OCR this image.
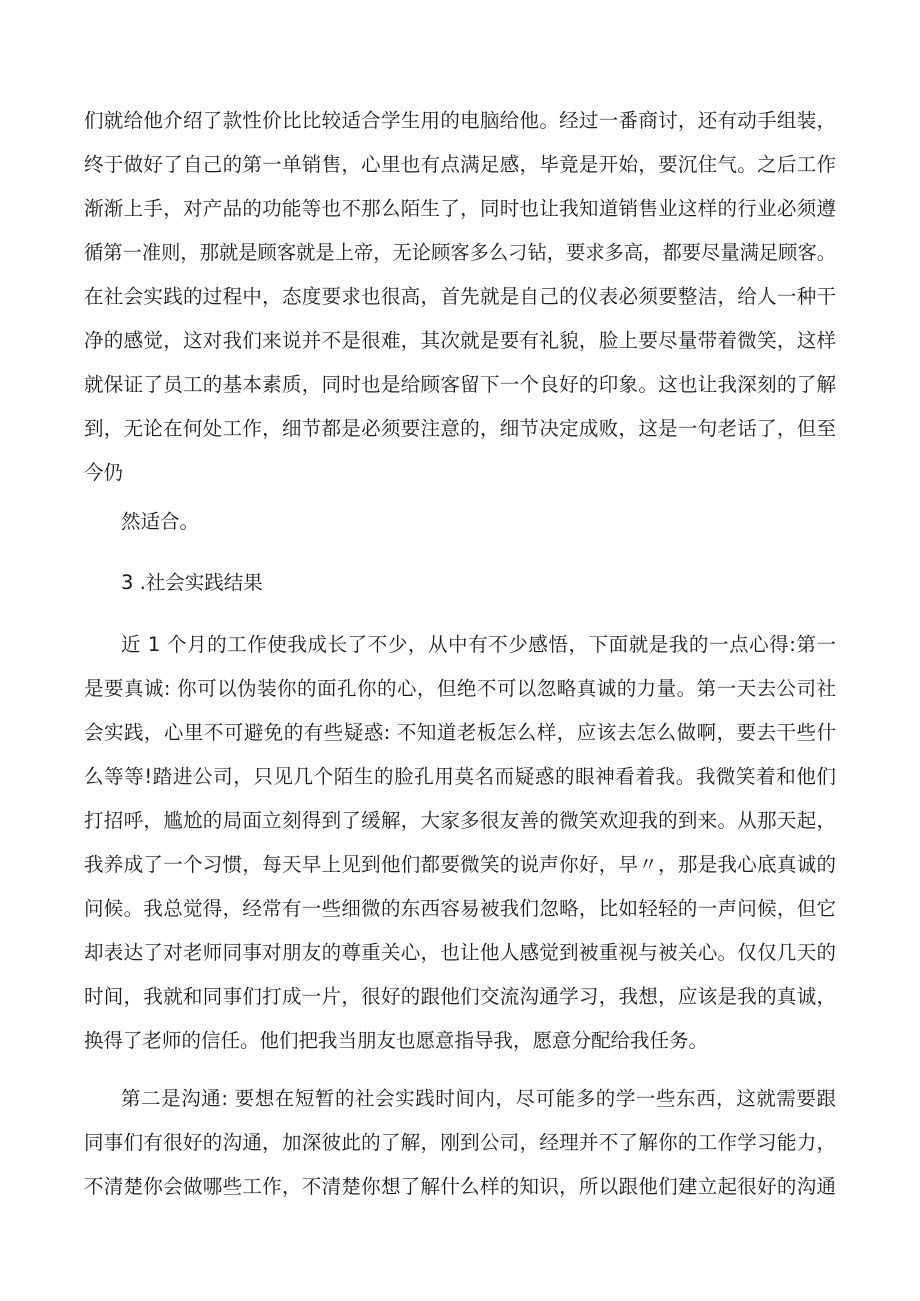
们就给他介绍了款性价比比较适合学生用的电脑给他。经过一番商讨，还有动手组装，
终于做好了自己的第一单销售，心里也有点满足感，毕竟是开始，要沉住气。之后工作
渐渐上手，对产品的功能等也不那么陌生了，同时也让我知道销售业这样的行业必须遵
循第一准则，那就是顾客就是上帝，无论顾客多么刁钻，要求多高，都要尽量满足顾客。
在社会实践的过程中，态度要求也很高，首先就是自己的仪表必须要整洁，给人一种干
净的感觉，这对我们来说并不是很难，其次就是要有礼貌，脸上要尽量带着微笑，这样
就保证了员工的基本素质，同时也是给顾客留下一个良好的印象。这也让我深刻的了解
到，无论在何处工作，细节都是必须要注意的，细节决定成败，这是一句老话了，但至
今仍
然适合。
3 .社会实践结果
近 1 个月的工作使我成长了不少，从中有不少感悟，下面就是我的一点心得:第一
是要真诚: 你可以伪装你的面孔你的心，但绝不可以忽略真诚的力量。第一天去公司社
会实践，心里不可避免的有些疑惑: 不知道老板怎么样，应该去怎么做啊，要去干些什
么等等!踏进公司，只见几个陌生的脸孔用莫名而疑惑的眼神看着我。我微笑着和他们
打招呼，尴尬的局面立刻得到了缓解，大家多很友善的微笑欢迎我的到来。从那天起，
我养成了一个习惯，每天早上见到他们都要微笑的说声你好，早〃，那是我心底真诚的
问候。我总觉得，经常有一些细微的东西容易被我们忽略，比如轻轻的一声问候，但它
却表达了对老师同事对朋友的尊重关心，也让他人感觉到被重视与被关心。仅仅几天的
时间，我就和同事们打成一片，很好的跟他们交流沟通学习，我想，应该是我的真诚，
换得了老师的信任。他们把我当朋友也愿意指导我，愿意分配给我任务。
第二是沟通: 要想在短暂的社会实践时间内，尽可能多的学一些东西，这就需要跟
同事们有很好的沟通，加深彼此的了解，刚到公司，经理并不了解你的工作学习能力，
不清楚你会做哪些工作，不清楚你想了解什么样的知识，所以跟他们建立起很好的沟通
